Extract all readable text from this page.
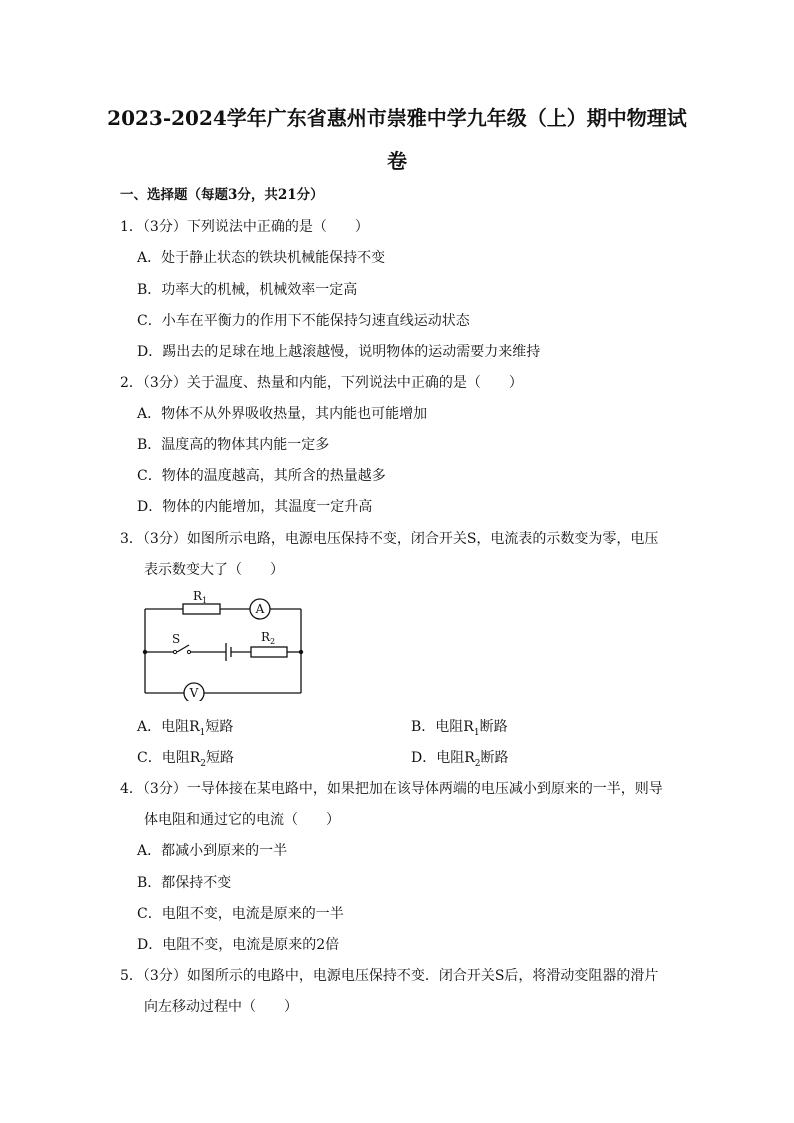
2023-2024学年广东省惠州市崇雅中学九年级（上）期中物理试
卷

一、选择题（每题3分，共21分）

1．（3分）下列说法中正确的是（　　）

A．处于静止状态的铁块机械能保持不变

B．功率大的机械，机械效率一定高

C．小车在平衡力的作用下不能保持匀速直线运动状态

D．踢出去的足球在地上越滚越慢，说明物体的运动需要力来维持

2．（3分）关于温度、热量和内能，下列说法中正确的是（　　）

A．物体不从外界吸收热量，其内能也可能增加

B．温度高的物体其内能一定多

C．物体的温度越高，其所含的热量越多

D．物体的内能增加，其温度一定升高

3．（3分）如图所示电路，电源电压保持不变，闭合开关S，电流表的示数变为零，电压

表示数变大了（　　）

$R_1$
A
S	$R_2$
V

A．电阻$R_1$短路	B．电阻$R_1$断路

C．电阻$R_2$短路	D．电阻$R_2$断路

4．（3分）一导体接在某电路中，如果把加在该导体两端的电压减小到原来的一半，则导

体电阻和通过它的电流（　　）

A．都减小到原来的一半

B．都保持不变

C．电阻不变，电流是原来的一半

D．电阻不变，电流是原来的2倍

5．（3分）如图所示的电路中，电源电压保持不变．闭合开关S后，将滑动变阻器的滑片

向左移动过程中（　　）
